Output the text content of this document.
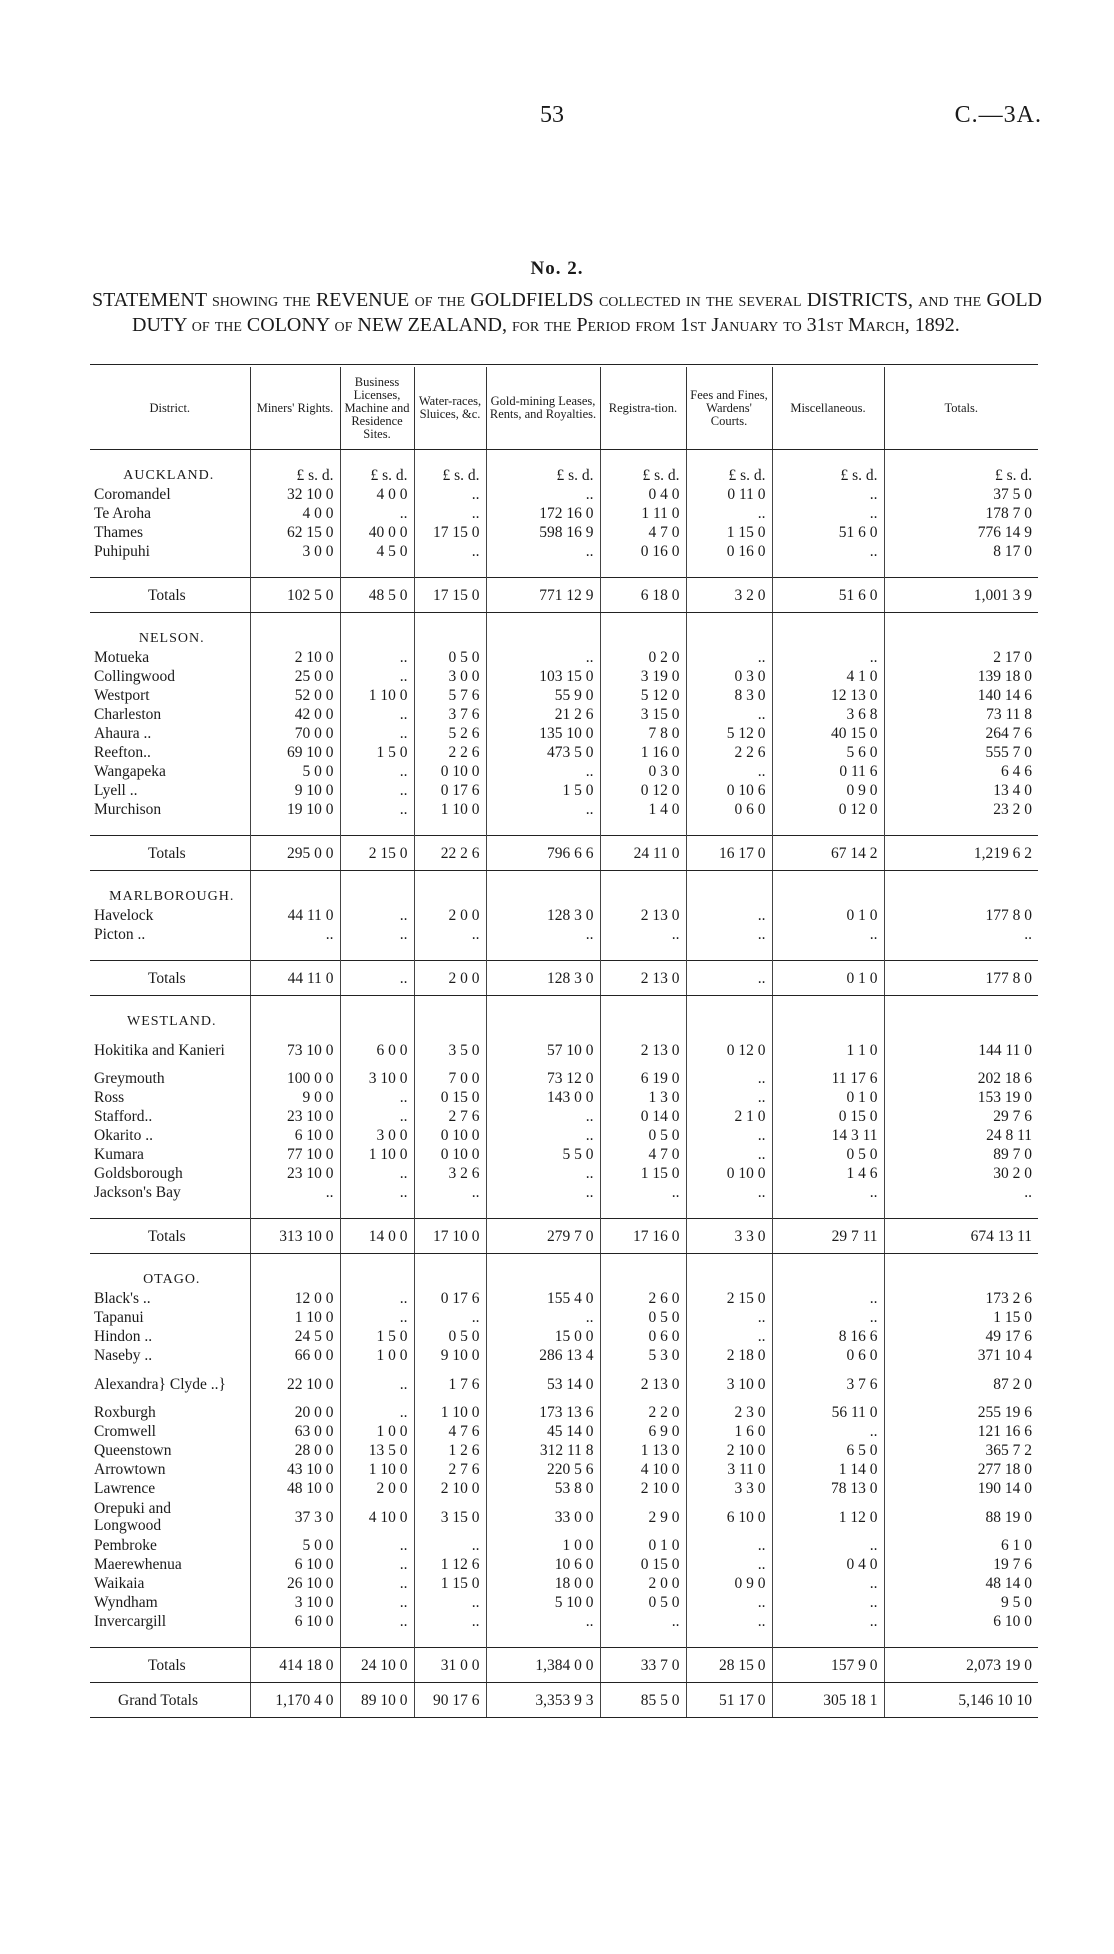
53	C.—3A.
No. 2.
STATEMENT showing the REVENUE of the GOLDFIELDS collected in the several DISTRICTS, and the GOLD DUTY of the COLONY of NEW ZEALAND, for the Period from 1st January to 31st March, 1892.

District.	Miners' Rights.	Business Licenses, Machine and Residence Sites.	Water-races, Sluices, &c.	Gold-mining Leases, Rents, and Royalties.	Registra-tion.	Fees and Fines, Wardens' Courts.	Miscellaneous.	Totals.

AUCKLAND.	£ s. d.	£ s. d.	£ s. d.	£ s. d.	£ s. d.	£ s. d.	£ s. d.	£ s. d.
Coromandel	32 10 0	4 0 0	..	..	0 4 0	0 11 0	..	37 5 0
Te Aroha	4 0 0	..	..	172 16 0	1 11 0	..	..	178 7 0
Thames	62 15 0	40 0 0	17 15 0	598 16 9	4 7 0	1 15 0	51 6 0	776 14 9
Puhipuhi	3 0 0	4 5 0	..	..	0 16 0	0 16 0	..	8 17 0

Totals	102 5 0	48 5 0	17 15 0	771 12 9	6 18 0	3 2 0	51 6 0	1,001 3 9

NELSON.								
Motueka	2 10 0	..	0 5 0	..	0 2 0	..	..	2 17 0
Collingwood	25 0 0	..	3 0 0	103 15 0	3 19 0	0 3 0	4 1 0	139 18 0
Westport	52 0 0	1 10 0	5 7 6	55 9 0	5 12 0	8 3 0	12 13 0	140 14 6
Charleston	42 0 0	..	3 7 6	21 2 6	3 15 0	..	3 6 8	73 11 8
Ahaura ..	70 0 0	..	5 2 6	135 10 0	7 8 0	5 12 0	40 15 0	264 7 6
Reefton..	69 10 0	1 5 0	2 2 6	473 5 0	1 16 0	2 2 6	5 6 0	555 7 0
Wangapeka	5 0 0	..	0 10 0	..	0 3 0	..	0 11 6	6 4 6
Lyell ..	9 10 0	..	0 17 6	1 5 0	0 12 0	0 10 6	0 9 0	13 4 0
Murchison	19 10 0	..	1 10 0	..	1 4 0	0 6 0	0 12 0	23 2 0

Totals	295 0 0	2 15 0	22 2 6	796 6 6	24 11 0	16 17 0	67 14 2	1,219 6 2

MARLBOROUGH.								
Havelock	44 11 0	..	2 0 0	128 3 0	2 13 0	..	0 1 0	177 8 0
Picton ..	..	..	..	..	..	..	..	..

Totals	44 11 0	..	2 0 0	128 3 0	2 13 0	..	0 1 0	177 8 0

WESTLAND.								
Hokitika and Kanieri	73 10 0	6 0 0	3 5 0	57 10 0	2 13 0	0 12 0	1 1 0	144 11 0
Greymouth	100 0 0	3 10 0	7 0 0	73 12 0	6 19 0	..	11 17 6	202 18 6
Ross	9 0 0	..	0 15 0	143 0 0	1 3 0	..	0 1 0	153 19 0
Stafford..	23 10 0	..	2 7 6	..	0 14 0	2 1 0	0 15 0	29 7 6
Okarito ..	6 10 0	3 0 0	0 10 0	..	0 5 0	..	14 3 11	24 8 11
Kumara	77 10 0	1 10 0	0 10 0	5 5 0	4 7 0	..	0 5 0	89 7 0
Goldsborough	23 10 0	..	3 2 6	..	1 15 0	0 10 0	1 4 6	30 2 0
Jackson's Bay	..	..	..	..	..	..	..	..

Totals	313 10 0	14 0 0	17 10 0	279 7 0	17 16 0	3 3 0	29 7 11	674 13 11

OTAGO.								
Black's ..	12 0 0	..	0 17 6	155 4 0	2 6 0	2 15 0	..	173 2 6
Tapanui	1 10 0	..	..	..	0 5 0	..	..	1 15 0
Hindon ..	24 5 0	1 5 0	0 5 0	15 0 0	0 6 0	..	8 16 6	49 17 6
Naseby ..	66 0 0	1 0 0	9 10 0	286 13 4	5 3 0	2 18 0	0 6 0	371 10 4
Alexandra} Clyde ..}	22 10 0	..	1 7 6	53 14 0	2 13 0	3 10 0	3 7 6	87 2 0
Roxburgh	20 0 0	..	1 10 0	173 13 6	2 2 0	2 3 0	56 11 0	255 19 6
Cromwell	63 0 0	1 0 0	4 7 6	45 14 0	6 9 0	1 6 0	..	121 16 6
Queenstown	28 0 0	13 5 0	1 2 6	312 11 8	1 13 0	2 10 0	6 5 0	365 7 2
Arrowtown	43 10 0	1 10 0	2 7 6	220 5 6	4 10 0	3 11 0	1 14 0	277 18 0
Lawrence	48 10 0	2 0 0	2 10 0	53 8 0	2 10 0	3 3 0	78 13 0	190 14 0
Orepuki and Longwood	37 3 0	4 10 0	3 15 0	33 0 0	2 9 0	6 10 0	1 12 0	88 19 0
Pembroke	5 0 0	..	..	1 0 0	0 1 0	..	..	6 1 0
Maerewhenua	6 10 0	..	1 12 6	10 6 0	0 15 0	..	0 4 0	19 7 6
Waikaia	26 10 0	..	1 15 0	18 0 0	2 0 0	0 9 0	..	48 14 0
Wyndham	3 10 0	..	..	5 10 0	0 5 0	..	..	9 5 0
Invercargill	6 10 0	..	..	..	..	..	..	6 10 0

Totals	414 18 0	24 10 0	31 0 0	1,384 0 0	33 7 0	28 15 0	157 9 0	2,073 19 0
Grand Totals	1,170 4 0	89 10 0	90 17 6	3,353 9 3	85 5 0	51 17 0	305 18 1	5,146 10 10
